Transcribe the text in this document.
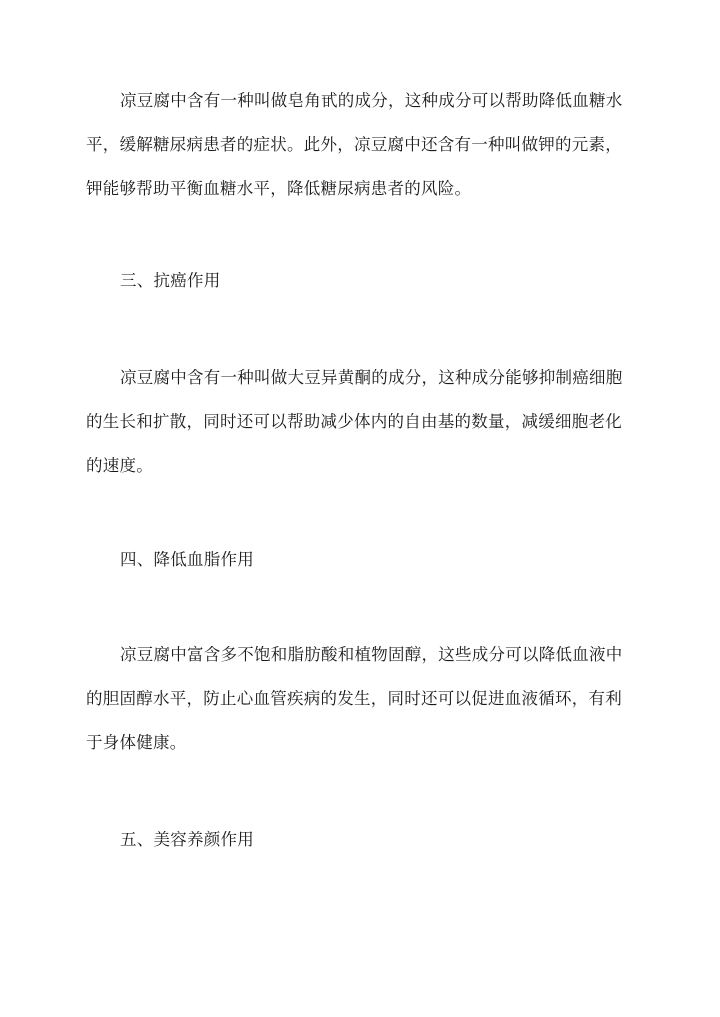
凉豆腐中含有一种叫做皂角甙的成分，这种成分可以帮助降低血糖水
平，缓解糖尿病患者的症状。此外，凉豆腐中还含有一种叫做钾的元素，
钾能够帮助平衡血糖水平，降低糖尿病患者的风险。
三、抗癌作用
凉豆腐中含有一种叫做大豆异黄酮的成分，这种成分能够抑制癌细胞
的生长和扩散，同时还可以帮助减少体内的自由基的数量，减缓细胞老化
的速度。
四、降低血脂作用
凉豆腐中富含多不饱和脂肪酸和植物固醇，这些成分可以降低血液中
的胆固醇水平，防止心血管疾病的发生，同时还可以促进血液循环，有利
于身体健康。
五、美容养颜作用
